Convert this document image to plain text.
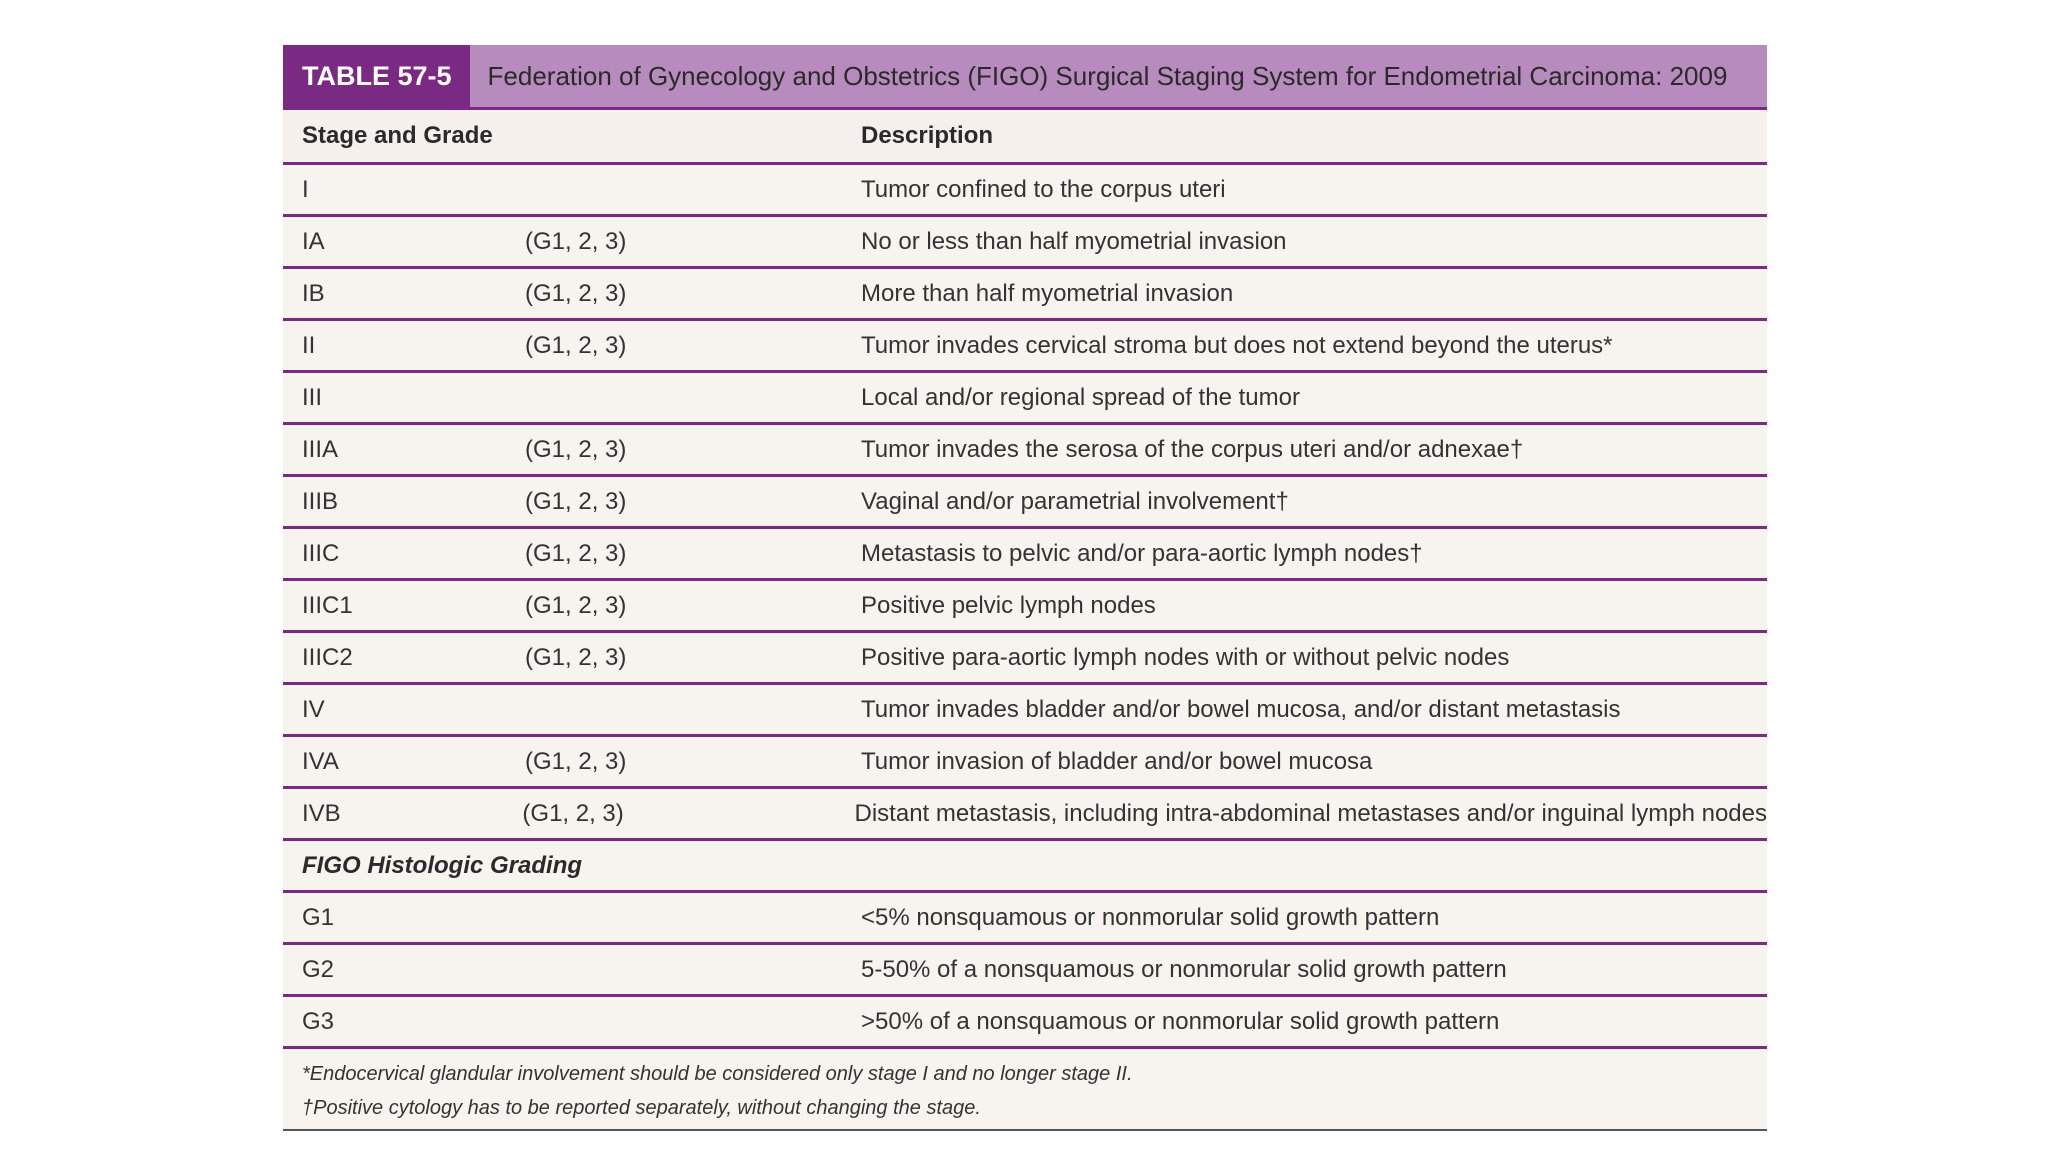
TABLE 57-5	Federation of Gynecology and Obstetrics (FIGO) Surgical Staging System for Endometrial Carcinoma: 2009
Stage and Grade	Description
I	Tumor confined to the corpus uteri
IA	(G1, 2, 3)	No or less than half myometrial invasion
IB	(G1, 2, 3)	More than half myometrial invasion
II	(G1, 2, 3)	Tumor invades cervical stroma but does not extend beyond the uterus*
III	Local and/or regional spread of the tumor
IIIA	(G1, 2, 3)	Tumor invades the serosa of the corpus uteri and/or adnexae†
IIIB	(G1, 2, 3)	Vaginal and/or parametrial involvement†
IIIC	(G1, 2, 3)	Metastasis to pelvic and/or para-aortic lymph nodes†
IIIC1	(G1, 2, 3)	Positive pelvic lymph nodes
IIIC2	(G1, 2, 3)	Positive para-aortic lymph nodes with or without pelvic nodes
IV	Tumor invades bladder and/or bowel mucosa, and/or distant metastasis
IVA	(G1, 2, 3)	Tumor invasion of bladder and/or bowel mucosa
IVB	(G1, 2, 3)	Distant metastasis, including intra-abdominal metastases and/or inguinal lymph nodes
FIGO Histologic Grading
G1	<5% nonsquamous or nonmorular solid growth pattern
G2	5-50% of a nonsquamous or nonmorular solid growth pattern
G3	>50% of a nonsquamous or nonmorular solid growth pattern
*Endocervical glandular involvement should be considered only stage I and no longer stage II.
†Positive cytology has to be reported separately, without changing the stage.
